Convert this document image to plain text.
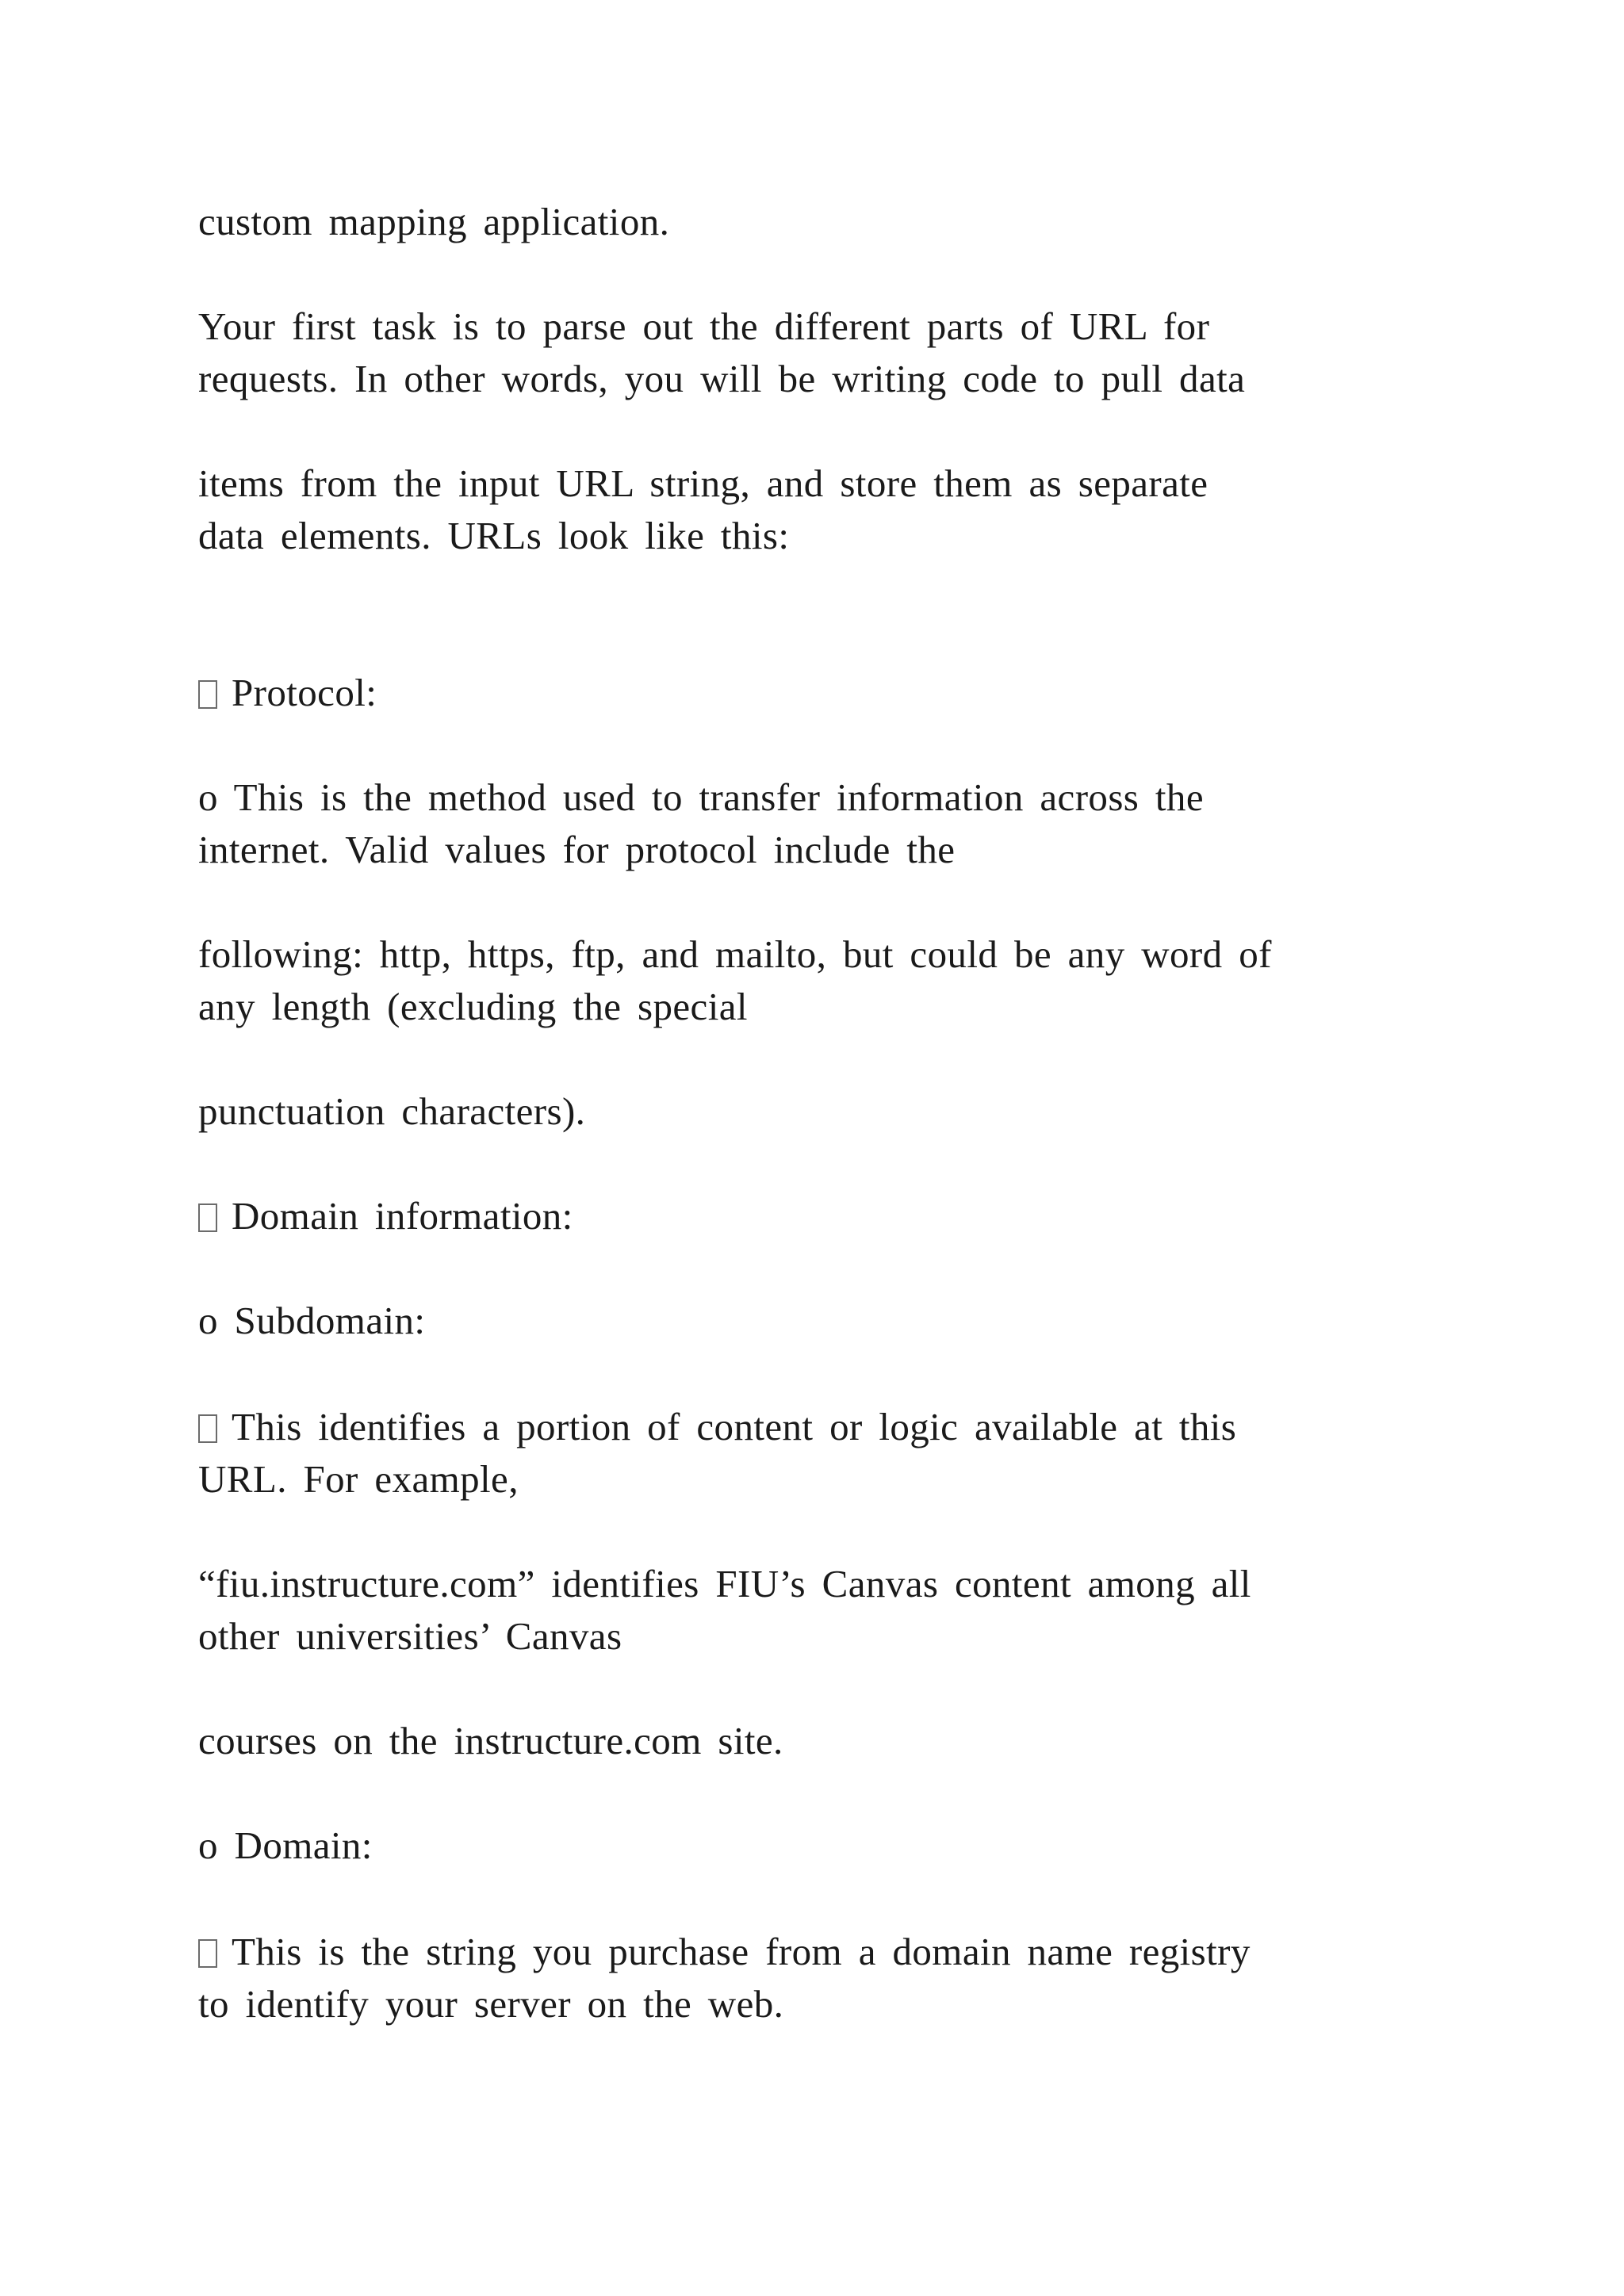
custom mapping application.

Your first task is to parse out the different parts of URL for

requests. In other words, you will be writing code to pull data

items from the input URL string, and store them as separate

data elements. URLs look like this:

Protocol:

o This is the method used to transfer information across the

internet. Valid values for protocol include the

following: http, https, ftp, and mailto, but could be any word of

any length (excluding the special

punctuation characters).

Domain information:

o Subdomain:

This identifies a portion of content or logic available at this

URL. For example,

“fiu.instructure.com” identifies FIU’s Canvas content among all

other universities’ Canvas

courses on the instructure.com site.

o Domain:

This is the string you purchase from a domain name registry

to identify your server on the web.
